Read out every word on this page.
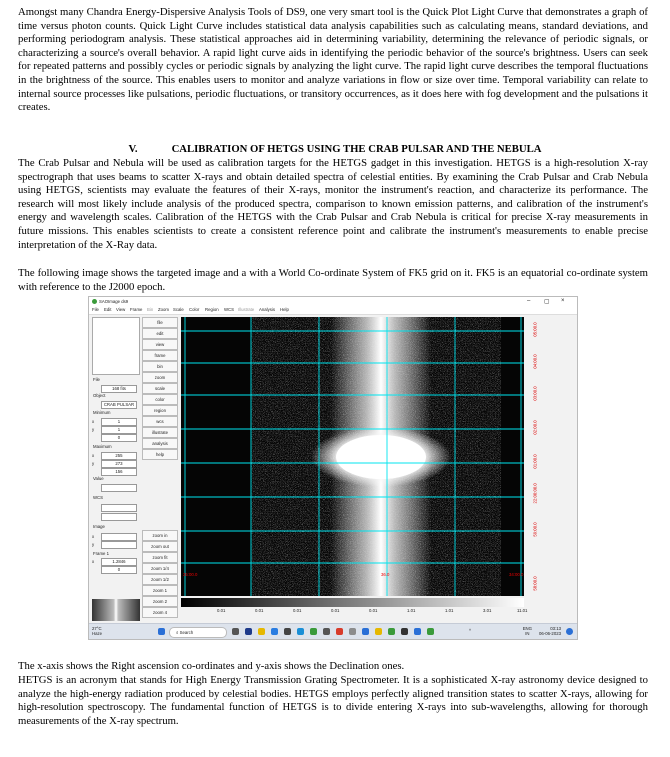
Amongst many Chandra Energy-Dispersive Analysis Tools of DS9, one very smart tool is the Quick Plot Light Curve that demonstrates a graph of time versus photon counts. Quick Light Curve includes statistical data analysis capabilities such as calculating means, standard deviations, and performing periodogram analysis. These statistical approaches aid in determining variability, determining the relevance of periodic signals, or characterizing a source's overall behavior. A rapid light curve aids in identifying the periodic behavior of the source's brightness. Users can seek for repeated patterns and possibly cycles or periodic signals by analyzing the light curve. The rapid light curve describes the temporal fluctuations in the brightness of the source. This enables users to monitor and analyze variations in flow or size over time. Temporal variability can relate to internal source processes like pulsations, periodic fluctuations, or transitory occurrences, as it does here with fog development and the pulsations it creates.

V.	CALIBRATION OF HETGS USING THE CRAB PULSAR AND THE NEBULA

The Crab Pulsar and Nebula will be used as calibration targets for the HETGS gadget in this investigation. HETGS is a high-resolution X-ray spectrograph that uses beams to scatter X-rays and obtain detailed spectra of celestial entities. By examining the Crab Pulsar and Crab Nebula using HETGS, scientists may evaluate the features of their X-rays, monitor the instrument's reaction, and characterize its performance. The research will most likely include analysis of the produced spectra, comparison to known emission patterns, and calibration of the instrument's energy and wavelength scales. Calibration of the HETGS with the Crab Pulsar and Crab Nebula is critical for precise X-ray measurements in future missions. This enables scientists to create a consistent reference point and calibrate the instrument's measurements to enable precise interpretation of the X-Ray data.

The following image shows the targeted image and a with a World Co-ordinate System of FK5 grid on it. FK5 is an equatorial co-ordinate system with reference to the J2000 epoch.

SAOImage ds9	– ▢ ×
File Edit View Frame Bin Zoom Scale Color Region WCS Illustrate Analysis Help
File
168 fits
Object
CRAB PULSAR
Minimum
x	1
y	1
0
Maximum
x	255
y	273
156
Value
WCS
Image
x
y
Frame 1
x	1.2846
0
file
edit
view
frame
bin
zoom
scale
color
region
wcs
illustrate
analysis
help
zoom in
zoom out
zoom fit
zoom 1/4
zoom 1/2
zoom 1
zoom 2
zoom 4
35:00.0	36.0	34:00.0
05:00.0
04:00.0
03:00.0
02:00.0
01:00.0
22:00:00.0
59:00.0
58:00.0
0.01	0.01	0.01	0.01	0.01	1.01	1.01	3.01	11.01
27°C
Haze	⌕ Search	^	ENG
IN
03:13
06-06-2023

The x-axis shows the Right ascension co-ordinates and y-axis shows the Declination ones.

HETGS is an acronym that stands for High Energy Transmission Grating Spectrometer. It is a sophisticated X-ray astronomy device designed to analyze the high-energy radiation produced by celestial bodies. HETGS employs perfectly aligned transition states to scatter X-rays, allowing for high-resolution spectroscopy. The fundamental function of HETGS is to divide entering X-rays into sub-wavelengths, allowing for thorough measurements of the X-ray spectrum.
